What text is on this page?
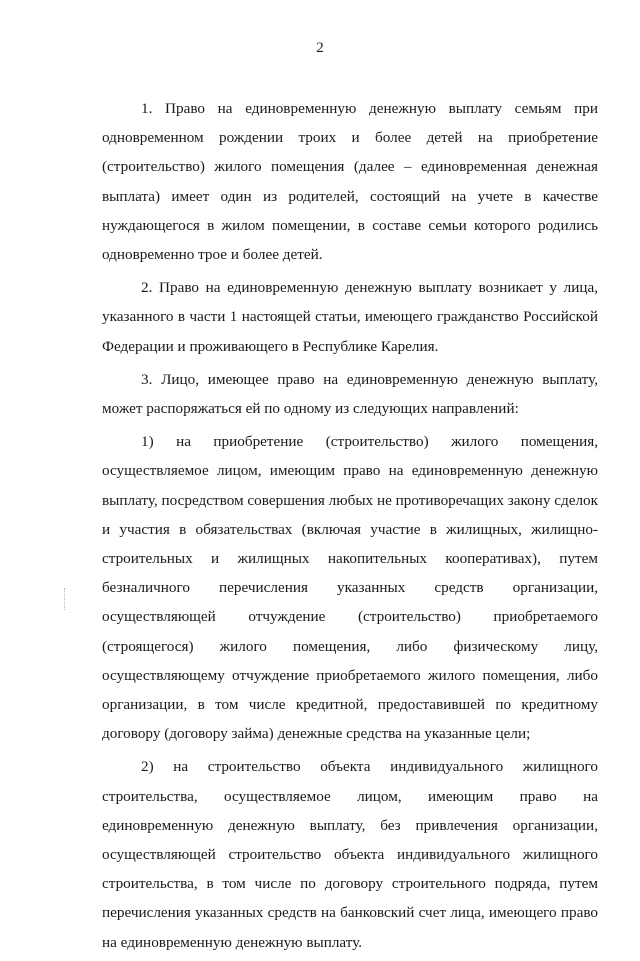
2

1. Право на единовременную денежную выплату семьям при одновременном рождении троих и более детей на приобретение (строительство) жилого помещения (далее – единовременная денежная выплата) имеет один из родителей, состоящий на учете в качестве нуждающегося в жилом помещении, в составе семьи которого родились одновременно трое и более детей.

2. Право на единовременную денежную выплату возникает у лица, указанного в части 1 настоящей статьи, имеющего гражданство Российской Федерации и проживающего в Республике Карелия.

3. Лицо, имеющее право на единовременную денежную выплату, может распоряжаться ей по одному из следующих направлений:

1) на приобретение (строительство) жилого помещения, осуществляемое лицом, имеющим право на единовременную денежную выплату, посредством совершения любых не противоречащих закону сделок и участия в обязательствах (включая участие в жилищных, жилищно-строительных и жилищных накопительных кооперативах), путем безналичного перечисления указанных средств организации, осуществляющей отчуждение (строительство) приобретаемого (строящегося) жилого помещения, либо физическому лицу, осуществляющему отчуждение приобретаемого жилого помещения, либо организации, в том числе кредитной, предоставившей по кредитному договору (договору займа) денежные средства на указанные цели;

2) на строительство объекта индивидуального жилищного строительства, осуществляемое лицом, имеющим право на единовременную денежную выплату, без привлечения организации, осуществляющей строительство объекта индивидуального жилищного строительства, в том числе по договору строительного подряда, путем перечисления указанных средств на банковский счет лица, имеющего право на единовременную денежную выплату.
